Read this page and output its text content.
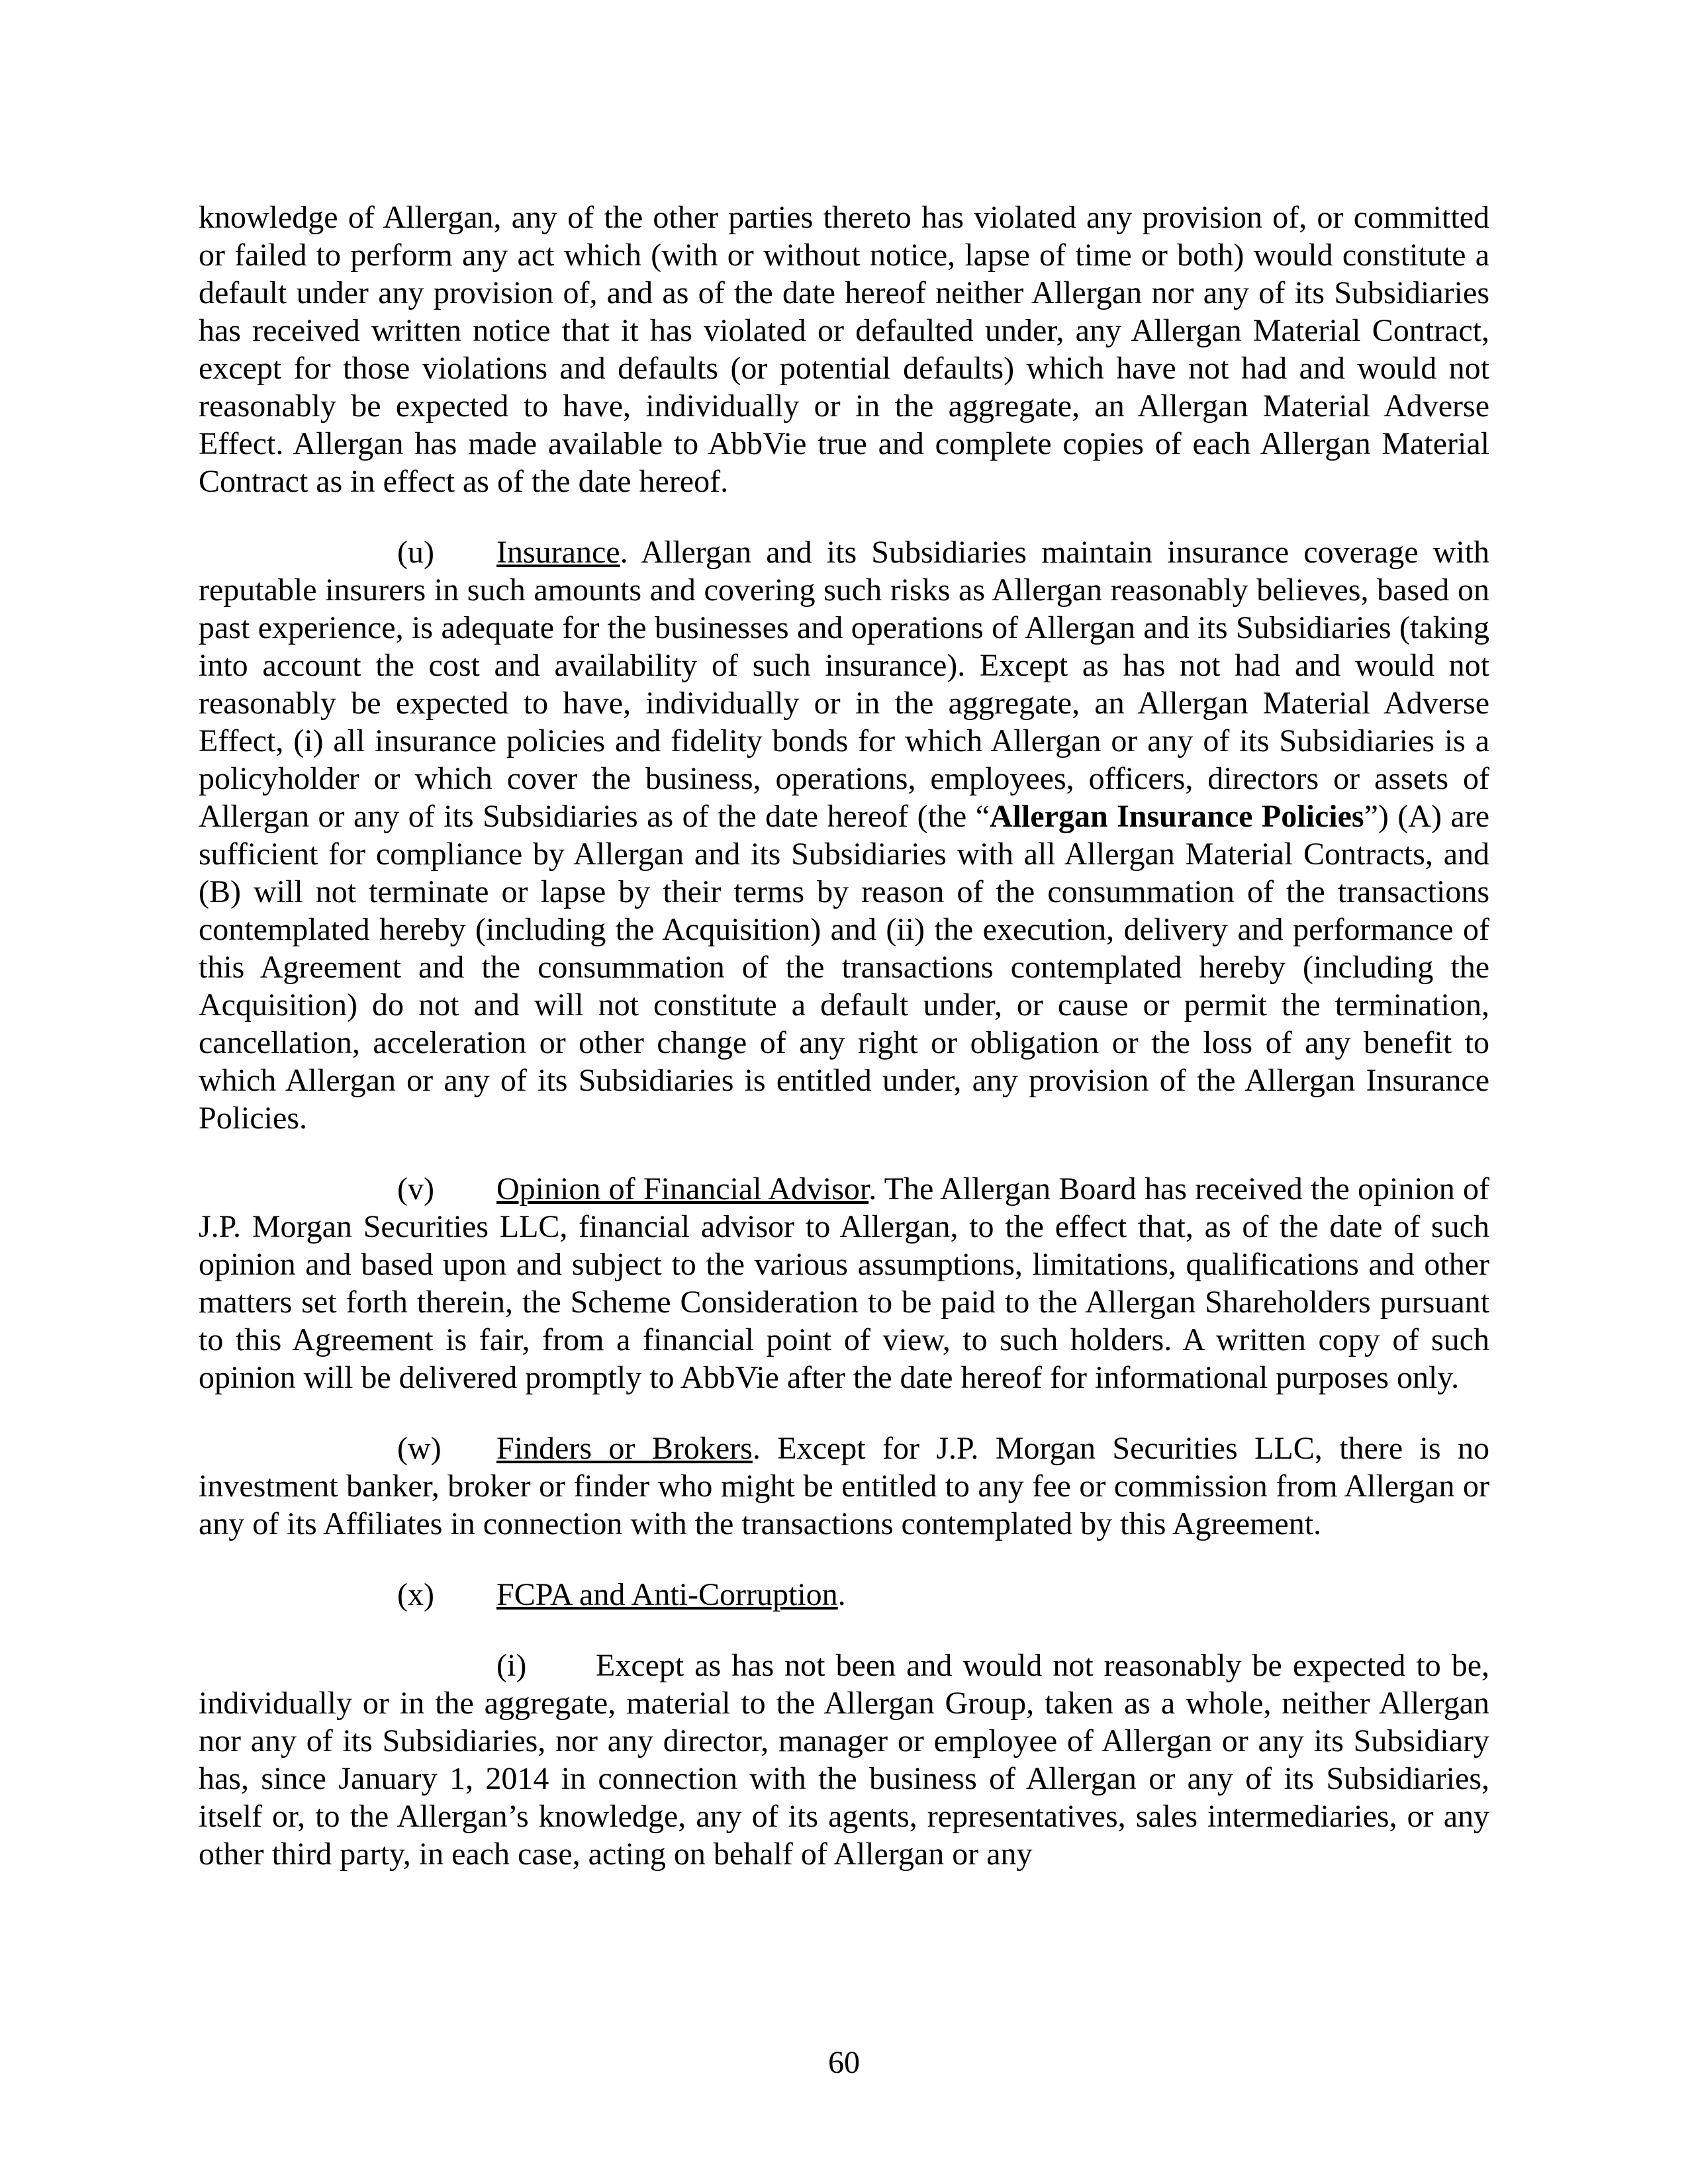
knowledge of Allergan, any of the other parties thereto has violated any provision of, or committed or failed to perform any act which (with or without notice, lapse of time or both) would constitute a default under any provision of, and as of the date hereof neither Allergan nor any of its Subsidiaries has received written notice that it has violated or defaulted under, any Allergan Material Contract, except for those violations and defaults (or potential defaults) which have not had and would not reasonably be expected to have, individually or in the aggregate, an Allergan Material Adverse Effect. Allergan has made available to AbbVie true and complete copies of each Allergan Material Contract as in effect as of the date hereof.

(u) Insurance. Allergan and its Subsidiaries maintain insurance coverage with reputable insurers in such amounts and covering such risks as Allergan reasonably believes, based on past experience, is adequate for the businesses and operations of Allergan and its Subsidiaries (taking into account the cost and availability of such insurance). Except as has not had and would not reasonably be expected to have, individually or in the aggregate, an Allergan Material Adverse Effect, (i) all insurance policies and fidelity bonds for which Allergan or any of its Subsidiaries is a policyholder or which cover the business, operations, employees, officers, directors or assets of Allergan or any of its Subsidiaries as of the date hereof (the “Allergan Insurance Policies”) (A) are sufficient for compliance by Allergan and its Subsidiaries with all Allergan Material Contracts, and (B) will not terminate or lapse by their terms by reason of the consummation of the transactions contemplated hereby (including the Acquisition) and (ii) the execution, delivery and performance of this Agreement and the consummation of the transactions contemplated hereby (including the Acquisition) do not and will not constitute a default under, or cause or permit the termination, cancellation, acceleration or other change of any right or obligation or the loss of any benefit to which Allergan or any of its Subsidiaries is entitled under, any provision of the Allergan Insurance Policies.

(v) Opinion of Financial Advisor. The Allergan Board has received the opinion of J.P. Morgan Securities LLC, financial advisor to Allergan, to the effect that, as of the date of such opinion and based upon and subject to the various assumptions, limitations, qualifications and other matters set forth therein, the Scheme Consideration to be paid to the Allergan Shareholders pursuant to this Agreement is fair, from a financial point of view, to such holders. A written copy of such opinion will be delivered promptly to AbbVie after the date hereof for informational purposes only.

(w) Finders or Brokers. Except for J.P. Morgan Securities LLC, there is no investment banker, broker or finder who might be entitled to any fee or commission from Allergan or any of its Affiliates in connection with the transactions contemplated by this Agreement.

(x) FCPA and Anti-Corruption.

(i) Except as has not been and would not reasonably be expected to be, individually or in the aggregate, material to the Allergan Group, taken as a whole, neither Allergan nor any of its Subsidiaries, nor any director, manager or employee of Allergan or any its Subsidiary has, since January 1, 2014 in connection with the business of Allergan or any of its Subsidiaries, itself or, to the Allergan’s knowledge, any of its agents, representatives, sales intermediaries, or any other third party, in each case, acting on behalf of Allergan or any

60
